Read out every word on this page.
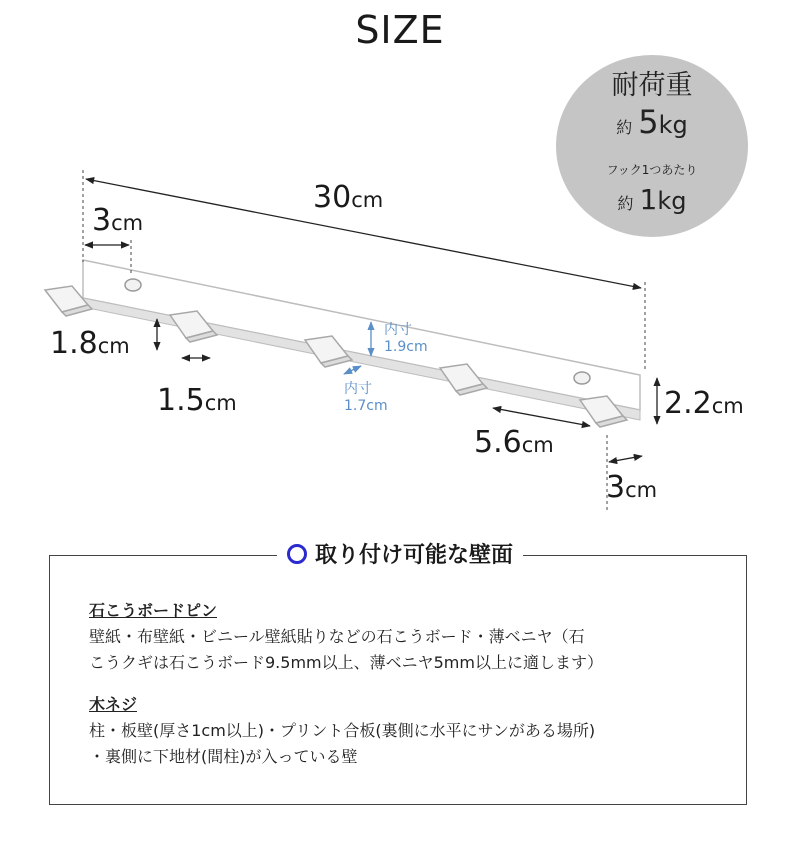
SIZE
耐荷重
約 5kg
フック1つあたり
約 1kg
30cm
3cm
1.8cm
1.5cm
内寸
1.9cm
内寸
1.7cm
5.6cm
2.2cm
3cm
取り付け可能な壁面
石こうボードピン

壁紙・布壁紙・ビニール壁紙貼りなどの石こうボード・薄ベニヤ（石

こうクギは石こうボード9.5mm以上、薄ベニヤ5mm以上に適します）

木ネジ

柱・板壁(厚さ1cm以上)・プリント合板(裏側に水平にサンがある場所)

・裏側に下地材(間柱)が入っている壁
